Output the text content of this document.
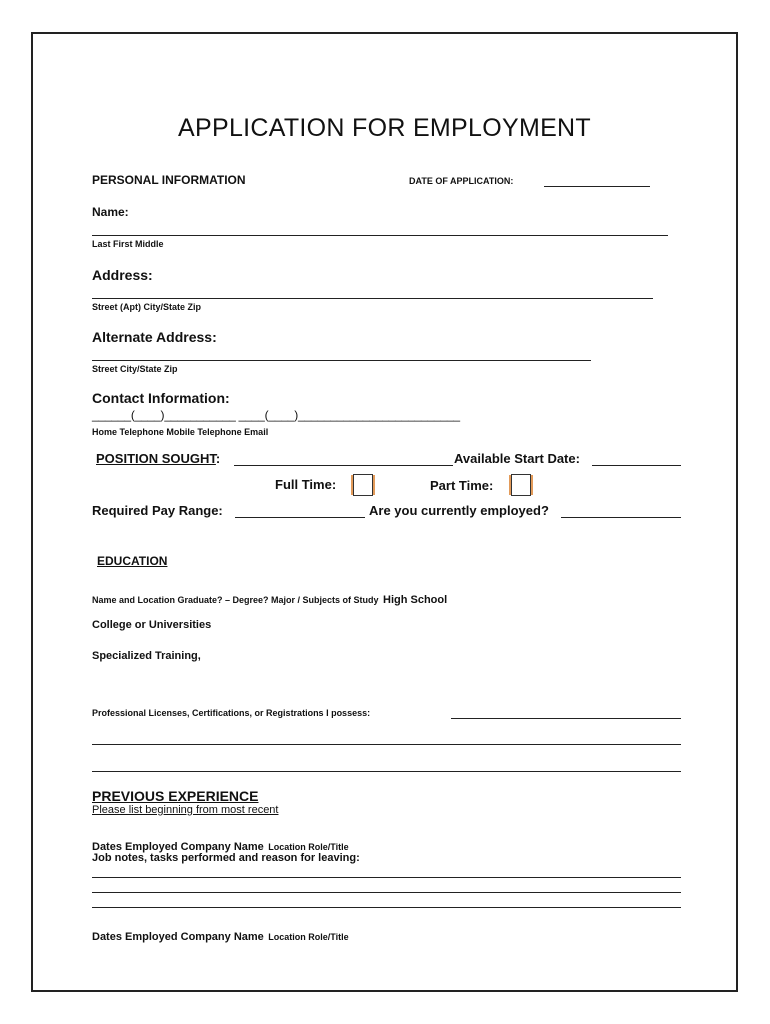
APPLICATION FOR EMPLOYMENT
PERSONAL INFORMATION	DATE OF APPLICATION:
Name:
Last First Middle
Address:
Street (Apt) City/State Zip
Alternate Address:
Street City/State Zip
Contact Information:
______(____)___________ ____(____)_________________________
Home Telephone Mobile Telephone Email
POSITION SOUGHT:	Available Start Date:
Full Time:	Part Time:
Required Pay Range:	Are you currently employed?
EDUCATION
Name and Location Graduate? – Degree? Major / Subjects of Study High School
College or Universities
Specialized Training,
Professional Licenses, Certifications, or Registrations I possess:
PREVIOUS EXPERIENCE
Please list beginning from most recent
Dates Employed Company Name Location Role/Title
Job notes, tasks performed and reason for leaving:
Dates Employed Company Name Location Role/Title
